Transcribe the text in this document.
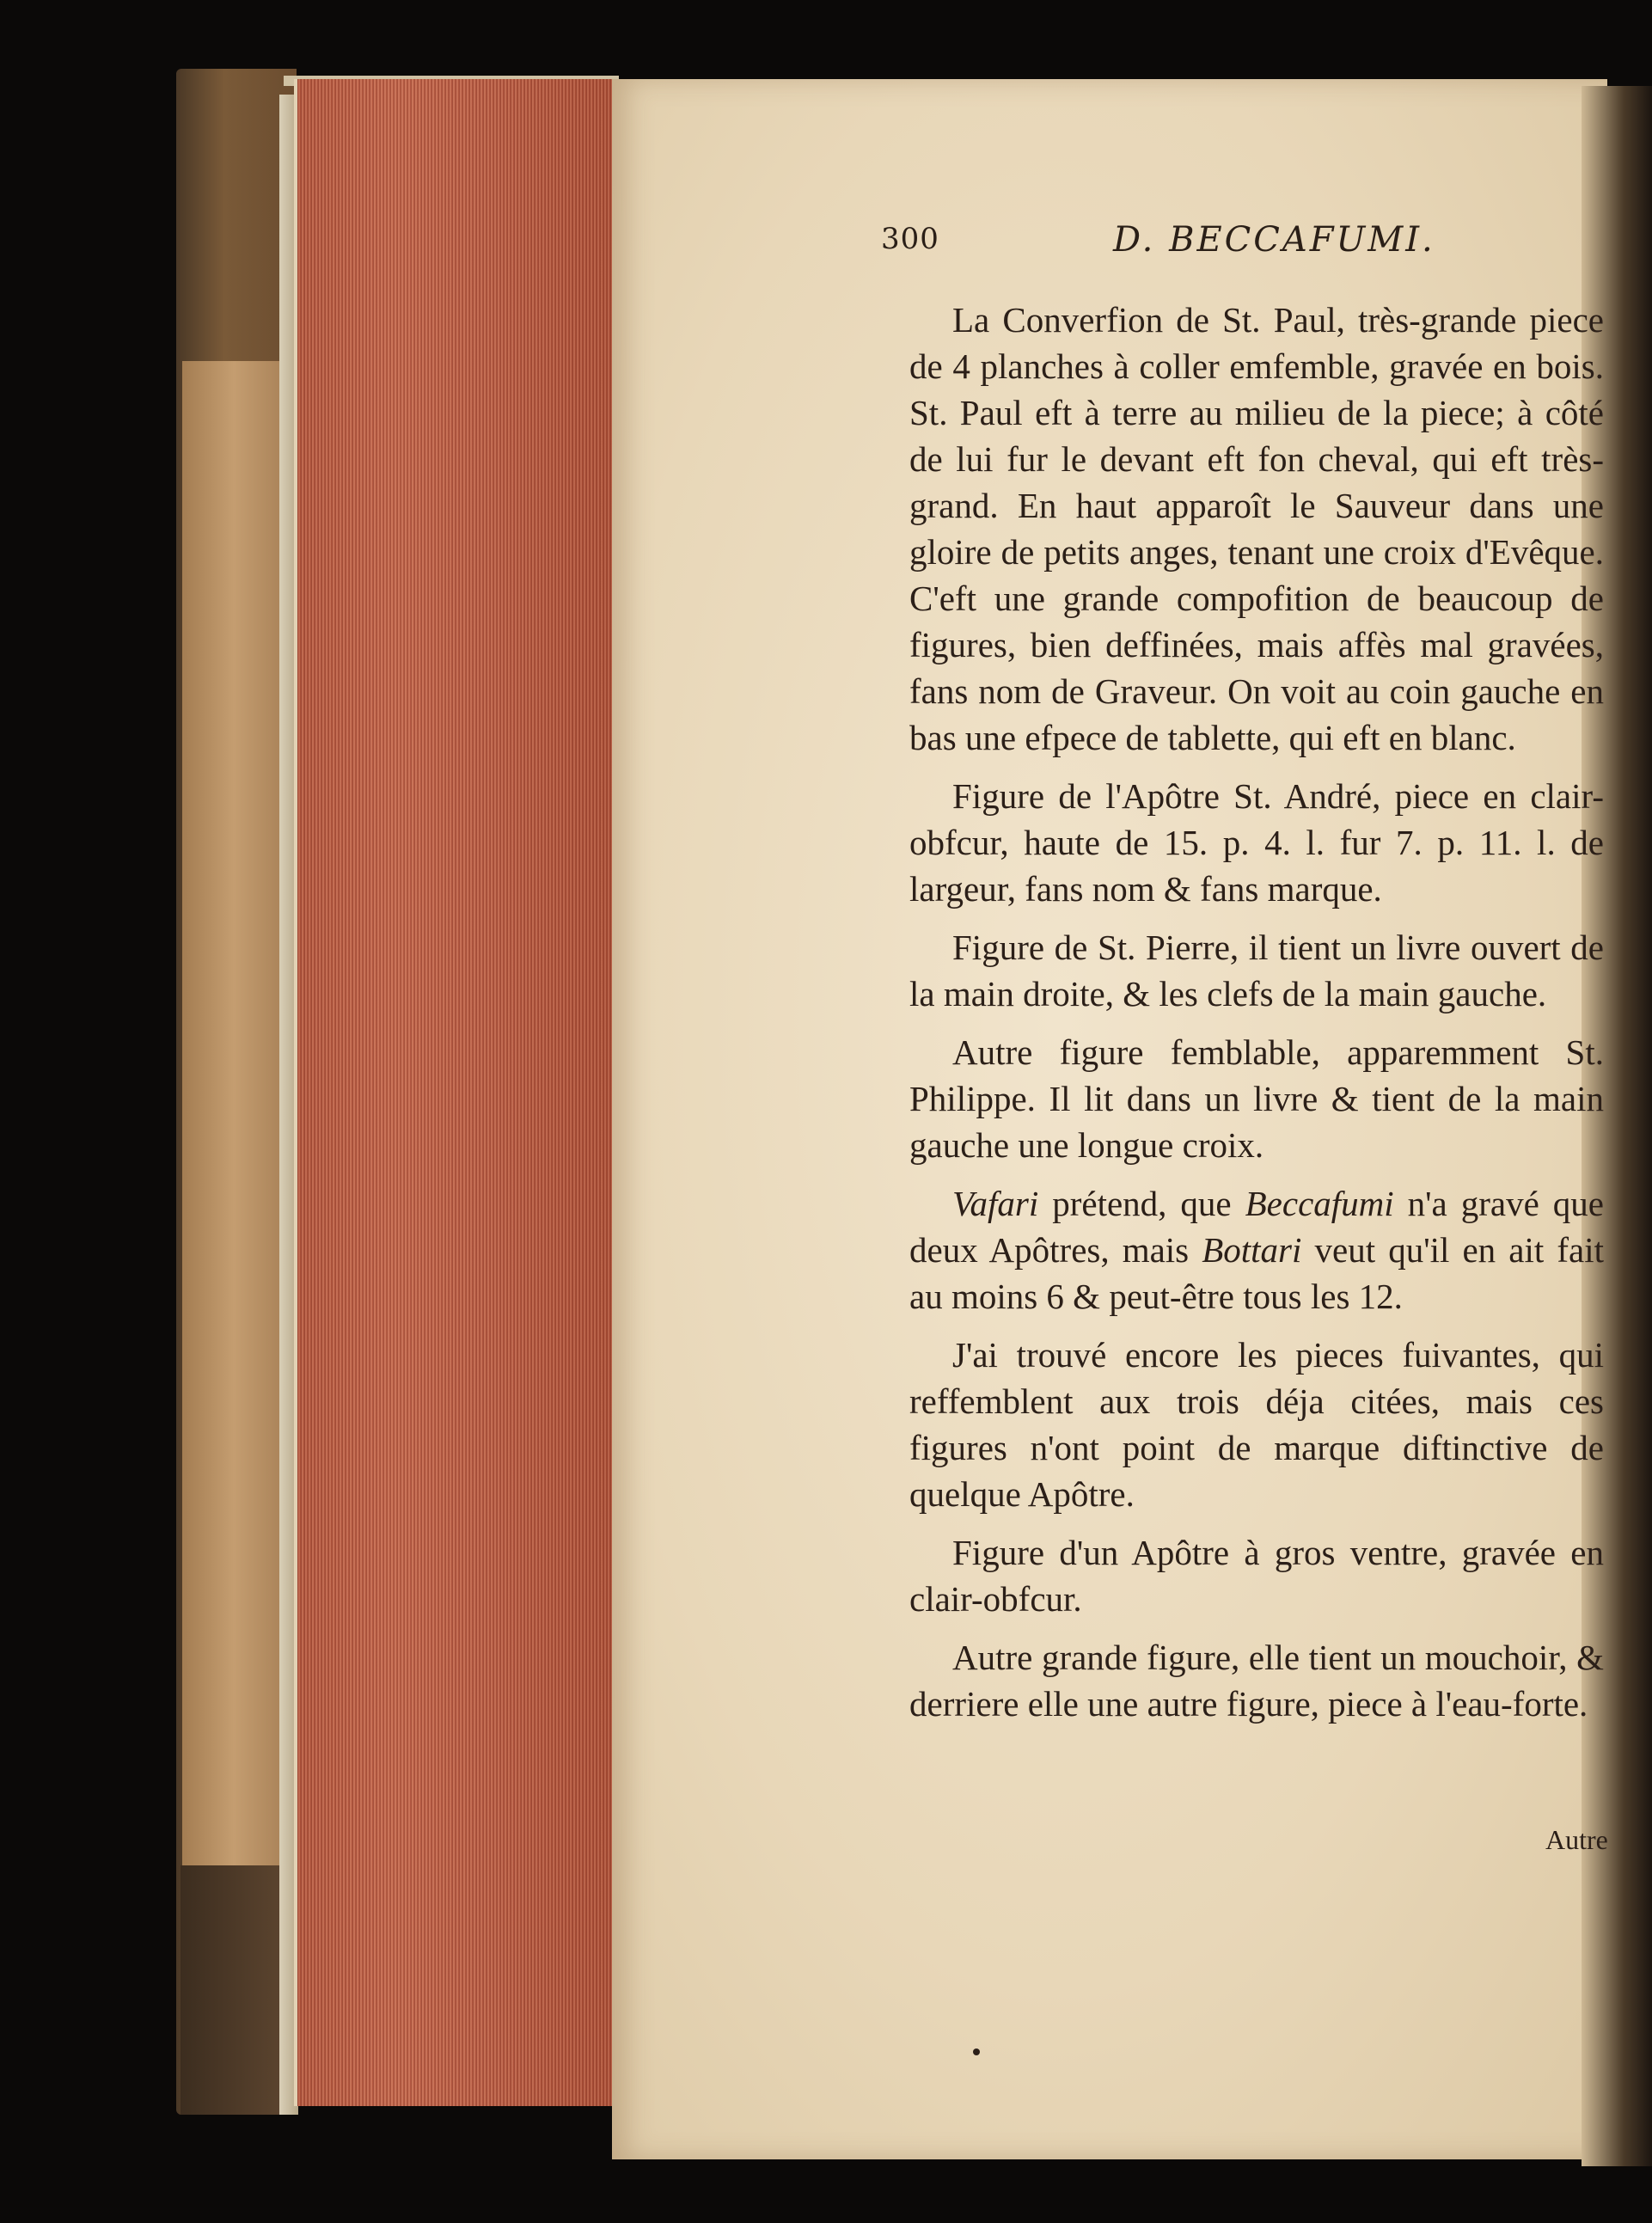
300	D. BECCAFUMI.

La Converfion de St. Paul, très-grande piece de 4 planches à coller emfemble, gravée en bois. St. Paul eft à terre au milieu de la piece; à côté de lui fur le devant eft fon cheval, qui eft très-grand. En haut apparoît le Sauveur dans une gloire de petits anges, tenant une croix d'Evêque. C'eft une grande compofition de beaucoup de figures, bien deffinées, mais affès mal gravées, fans nom de Graveur. On voit au coin gauche en bas une efpece de tablette, qui eft en blanc.

Figure de l'Apôtre St. André, piece en clair-obfcur, haute de 15. p. 4. l. fur 7. p. 11. l. de largeur, fans nom & fans marque.

Figure de St. Pierre, il tient un livre ouvert de la main droite, & les clefs de la main gauche.

Autre figure femblable, apparemment St. Philippe. Il lit dans un livre & tient de la main gauche une longue croix.

Vafari prétend, que Beccafumi n'a gravé que deux Apôtres, mais Bottari veut qu'il en ait fait au moins 6 & peut-être tous les 12.

J'ai trouvé encore les pieces fuivantes, qui reffemblent aux trois déja citées, mais ces figures n'ont point de marque diftinctive de quelque Apôtre.

Figure d'un Apôtre à gros ventre, gravée en clair-obfcur.

Autre grande figure, elle tient un mouchoir, & derriere elle une autre figure, piece à l'eau-forte.

Autre
